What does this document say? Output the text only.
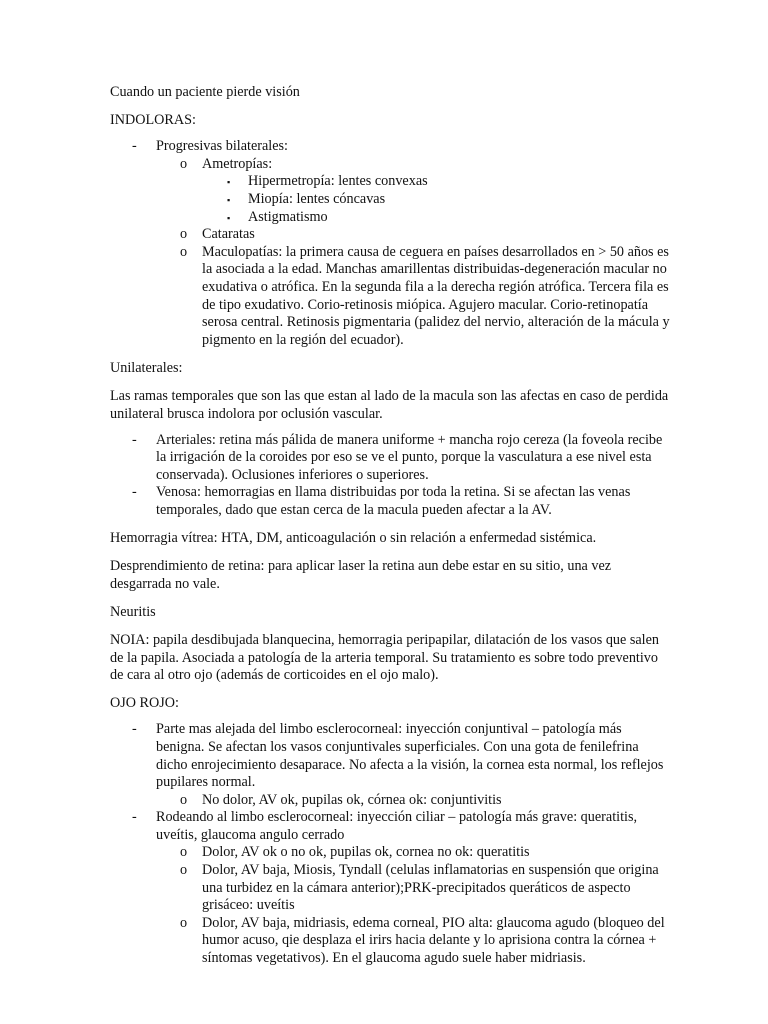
Cuando un paciente pierde visión

INDOLORAS:

- Progresivas bilaterales:
o Ametropías:
▪ Hipermetropía: lentes convexas
▪ Miopía: lentes cóncavas
▪ Astigmatismo
o Cataratas
o Maculopatías: la primera causa de ceguera en países desarrollados en > 50 años es la asociada a la edad. Manchas amarillentas distribuidas-degeneración macular no exudativa o atrófica. En la segunda fila a la derecha región atrófica. Tercera fila es de tipo exudativo. Corio-retinosis miópica. Agujero macular. Corio-retinopatía serosa central. Retinosis pigmentaria (palidez del nervio, alteración de la mácula y pigmento en la región del ecuador).

Unilaterales:

Las ramas temporales que son las que estan al lado de la macula son las afectas en caso de perdida unilateral brusca indolora por oclusión vascular.

- Arteriales: retina más pálida de manera uniforme + mancha rojo cereza (la foveola recibe la irrigación de la coroides por eso se ve el punto, porque la vasculatura a ese nivel esta conservada). Oclusiones inferiores o superiores.
- Venosa: hemorragias en llama distribuidas por toda la retina. Si se afectan las venas temporales, dado que estan cerca de la macula pueden afectar a la AV.

Hemorragia vítrea: HTA, DM, anticoagulación o sin relación a enfermedad sistémica.

Desprendimiento de retina: para aplicar laser la retina aun debe estar en su sitio, una vez desgarrada no vale.

Neuritis

NOIA: papila desdibujada blanquecina, hemorragia peripapilar, dilatación de los vasos que salen de la papila. Asociada a patología de la arteria temporal. Su tratamiento es sobre todo preventivo de cara al otro ojo (además de corticoides en el ojo malo).

OJO ROJO:

- Parte mas alejada del limbo esclerocorneal: inyección conjuntival – patología más benigna. Se afectan los vasos conjuntivales superficiales. Con una gota de fenilefrina dicho enrojecimiento desaparace. No afecta a la visión, la cornea esta normal, los reflejos pupilares normal.
o No dolor, AV ok, pupilas ok, córnea ok: conjuntivitis
- Rodeando al limbo esclerocorneal: inyección ciliar – patología más grave: queratitis, uveítis, glaucoma angulo cerrado
o Dolor, AV ok o no ok, pupilas ok, cornea no ok: queratitis
o Dolor, AV baja, Miosis, Tyndall (celulas inflamatorias en suspensión que origina una turbidez en la cámara anterior);PRK-precipitados queráticos de aspecto grisáceo: uveítis
o Dolor, AV baja, midriasis, edema corneal, PIO alta: glaucoma agudo (bloqueo del humor acuso, qie desplaza el irirs hacia delante y lo aprisiona contra la córnea + síntomas vegetativos). En el glaucoma agudo suele haber midriasis.
